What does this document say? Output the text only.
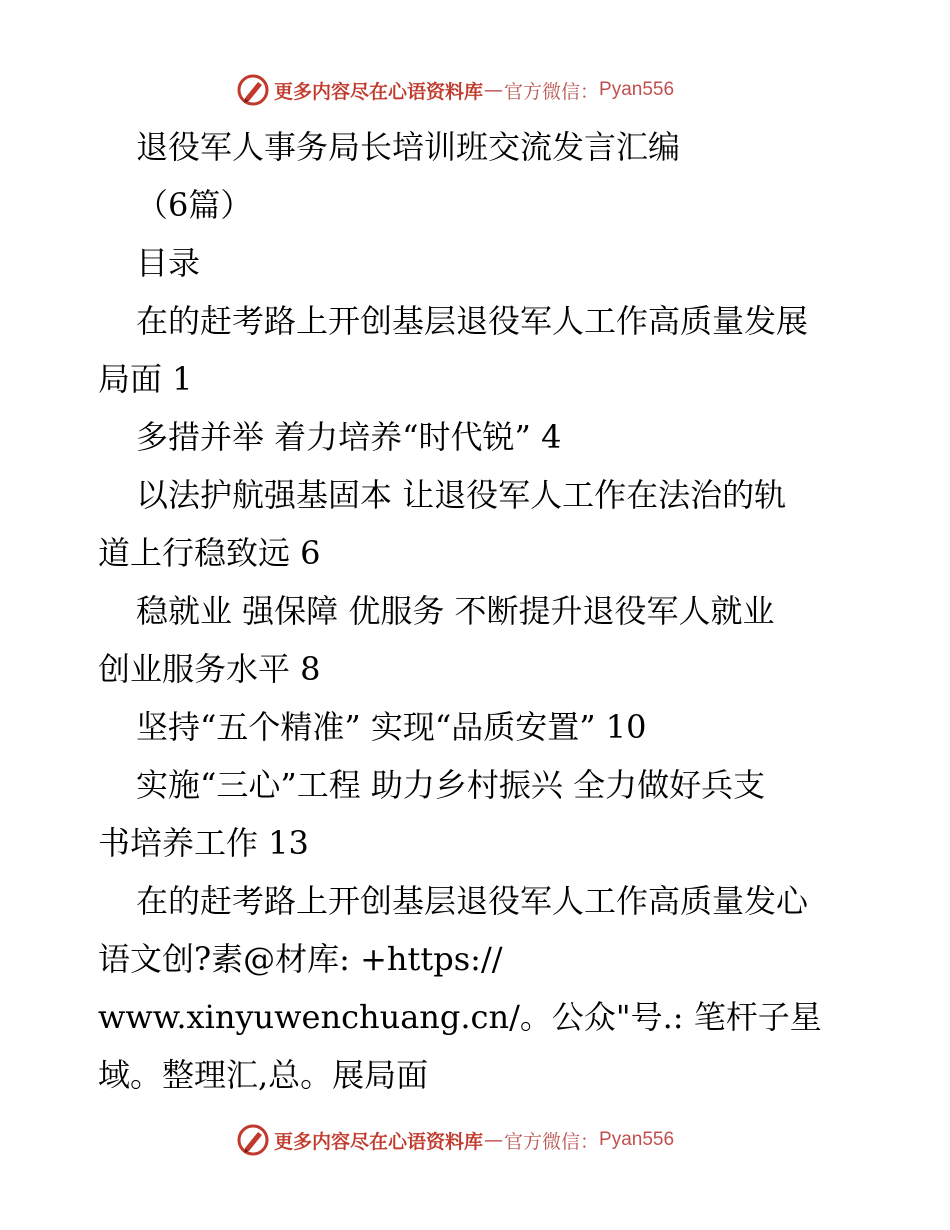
更多内容尽在心语资料库 — 官方微信： Pyan556
退役军人事务局长培训班交流发言汇编
（6篇）
目录
在的赶考路上开创基层退役军人工作高质量发展
局面 1
多措并举 着力培养“时代锐” 4
以法护航强基固本 让退役军人工作在法治的轨
道上行稳致远 6
稳就业 强保障 优服务 不断提升退役军人就业
创业服务水平 8
坚持“五个精准” 实现“品质安置” 10
实施“三心”工程 助力乡村振兴 全力做好兵支
书培养工作 13
在的赶考路上开创基层退役军人工作高质量发心
语文创?素@材库: +https://
www.xinyuwenchuang.cn/。公众"号.: 笔杆子星
域。整理汇,总。展局面
更多内容尽在心语资料库 — 官方微信： Pyan556
